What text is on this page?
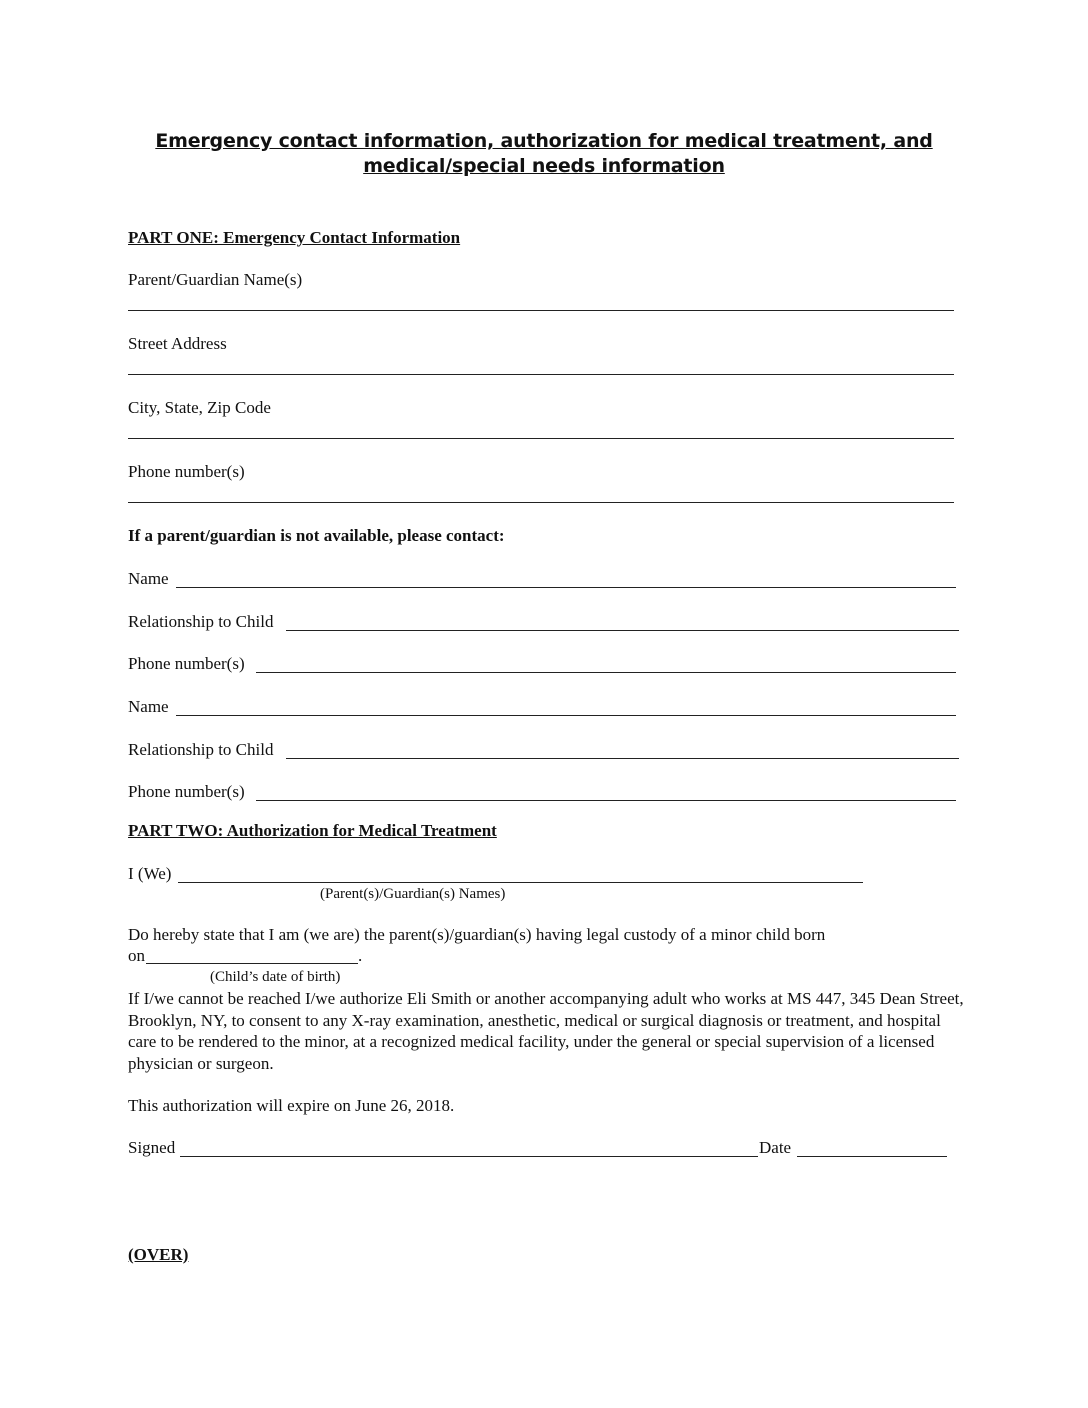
Emergency contact information, authorization for medical treatment, and
medical/special needs information
PART ONE: Emergency Contact Information
Parent/Guardian Name(s)
Street Address
City, State, Zip Code
Phone number(s)
If a parent/guardian is not available, please contact:
Name
Relationship to Child
Phone number(s)
Name
Relationship to Child
Phone number(s)
PART TWO: Authorization for Medical Treatment
I (We)
(Parent(s)/Guardian(s) Names)
Do hereby state that I am (we are) the parent(s)/guardian(s) having legal custody of a minor child born
on	.
(Child’s date of birth)
If I/we cannot be reached I/we authorize Eli Smith or another accompanying adult who works at MS 447, 345 Dean Street, Brooklyn, NY, to consent to any X-ray examination, anesthetic, medical or surgical diagnosis or treatment, and hospital care to be rendered to the minor, at a recognized medical facility, under the general or special supervision of a licensed physician or surgeon.
This authorization will expire on June 26, 2018.
Signed	Date
(OVER)
